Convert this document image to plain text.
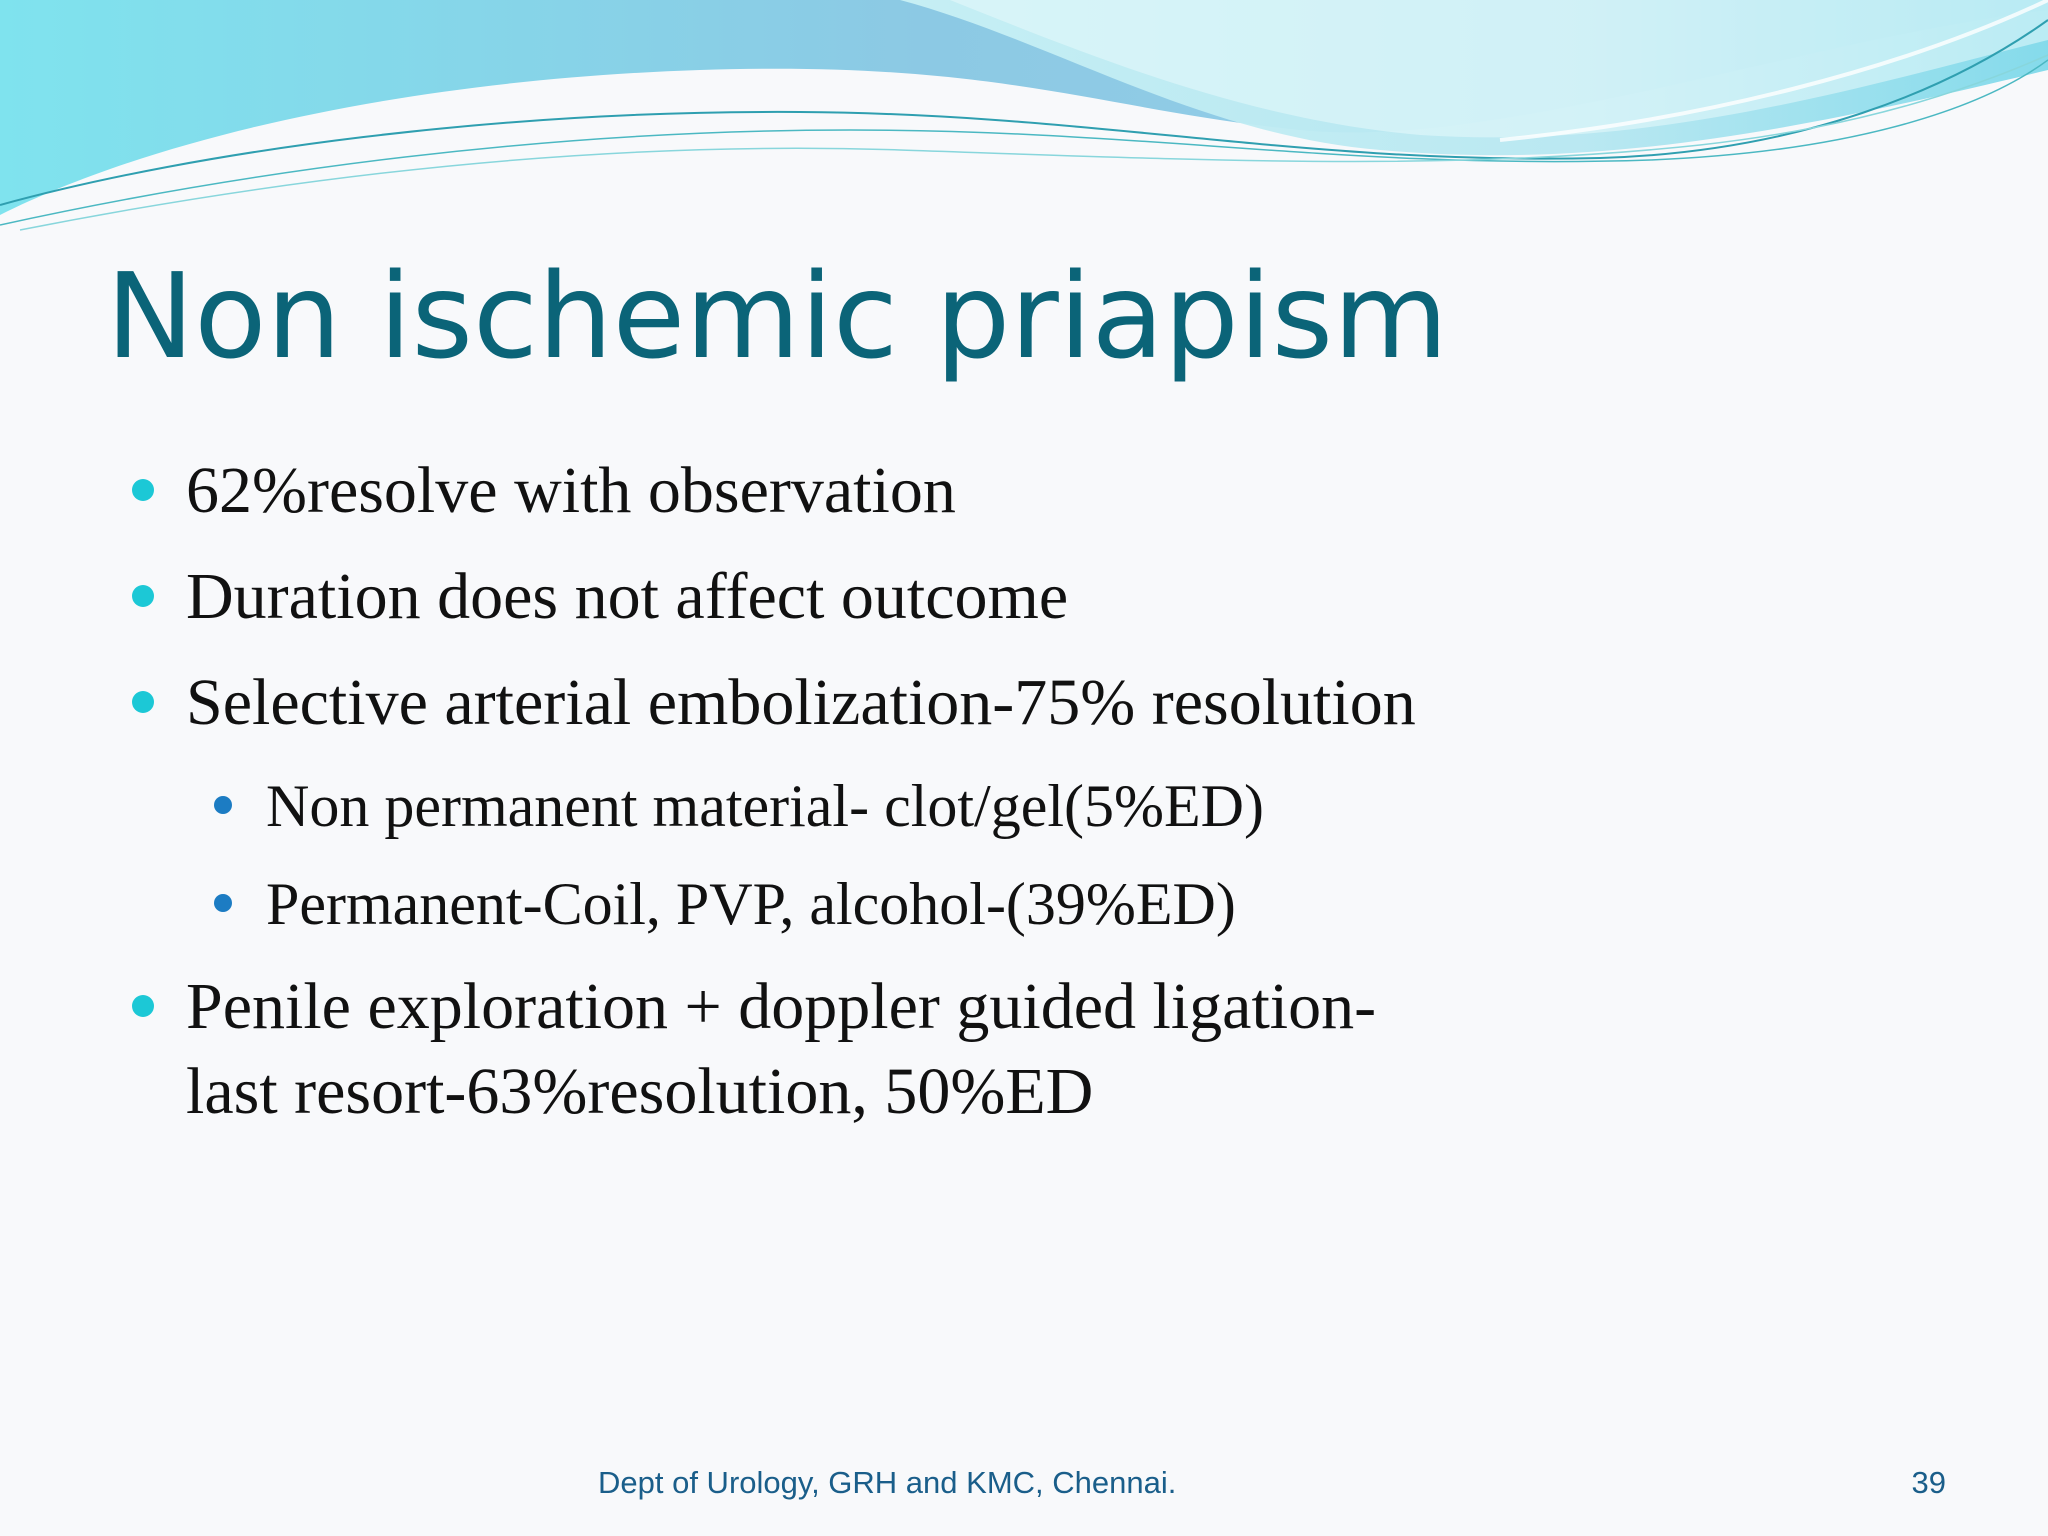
Non ischemic priapism
62%resolve with observation
Duration does not affect outcome
Selective arterial embolization-75% resolution
Non permanent material- clot/gel(5%ED)
Permanent-Coil, PVP, alcohol-(39%ED)
Penile exploration + doppler guided ligation-
last resort-63%resolution, 50%ED
Dept of Urology, GRH and KMC, Chennai.	39
